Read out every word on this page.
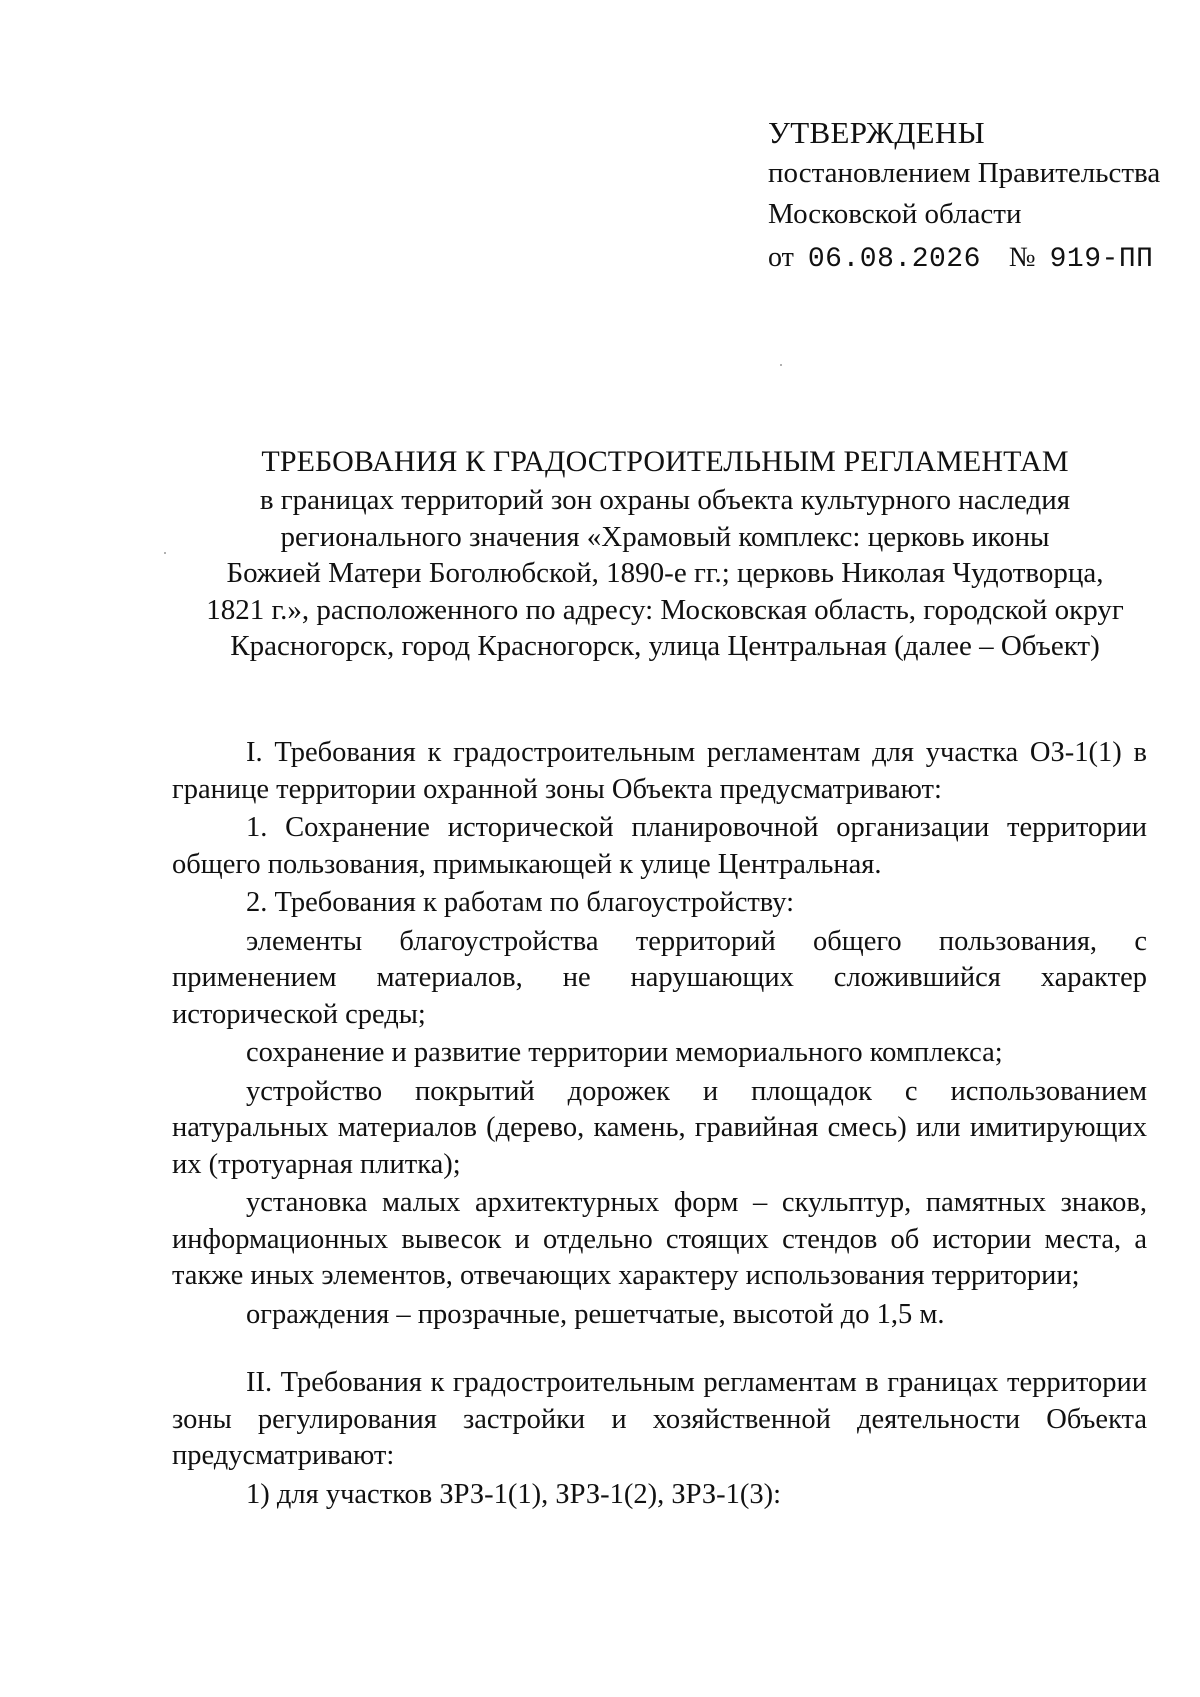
УТВЕРЖДЕНЫ
постановлением Правительства
Московской области
от 06.08.2026 № 919-ПП
ТРЕБОВАНИЯ К ГРАДОСТРОИТЕЛЬНЫМ РЕГЛАМЕНТАМ
в границах территорий зон охраны объекта культурного наследия
регионального значения «Храмовый комплекс: церковь иконы
Божией Матери Боголюбской, 1890-е гг.; церковь Николая Чудотворца,
1821 г.», расположенного по адресу: Московская область, городской округ
Красногорск, город Красногорск, улица Центральная (далее – Объект)

I. Требования к градостроительным регламентам для участка ОЗ-1(1) в границе территории охранной зоны Объекта предусматривают:

1. Сохранение исторической планировочной организации территории общего пользования, примыкающей к улице Центральная.

2. Требования к работам по благоустройству:

элементы благоустройства территорий общего пользования, с применением материалов, не нарушающих сложившийся характер исторической среды;

сохранение и развитие территории мемориального комплекса;

устройство покрытий дорожек и площадок с использованием натуральных материалов (дерево, камень, гравийная смесь) или имитирующих их (тротуарная плитка);

установка малых архитектурных форм – скульптур, памятных знаков, информационных вывесок и отдельно стоящих стендов об истории места, а также иных элементов, отвечающих характеру использования территории;

ограждения – прозрачные, решетчатые, высотой до 1,5 м.

II. Требования к градостроительным регламентам в границах территории зоны регулирования застройки и хозяйственной деятельности Объекта предусматривают:

1) для участков ЗРЗ-1(1), ЗРЗ-1(2), ЗРЗ-1(3):
